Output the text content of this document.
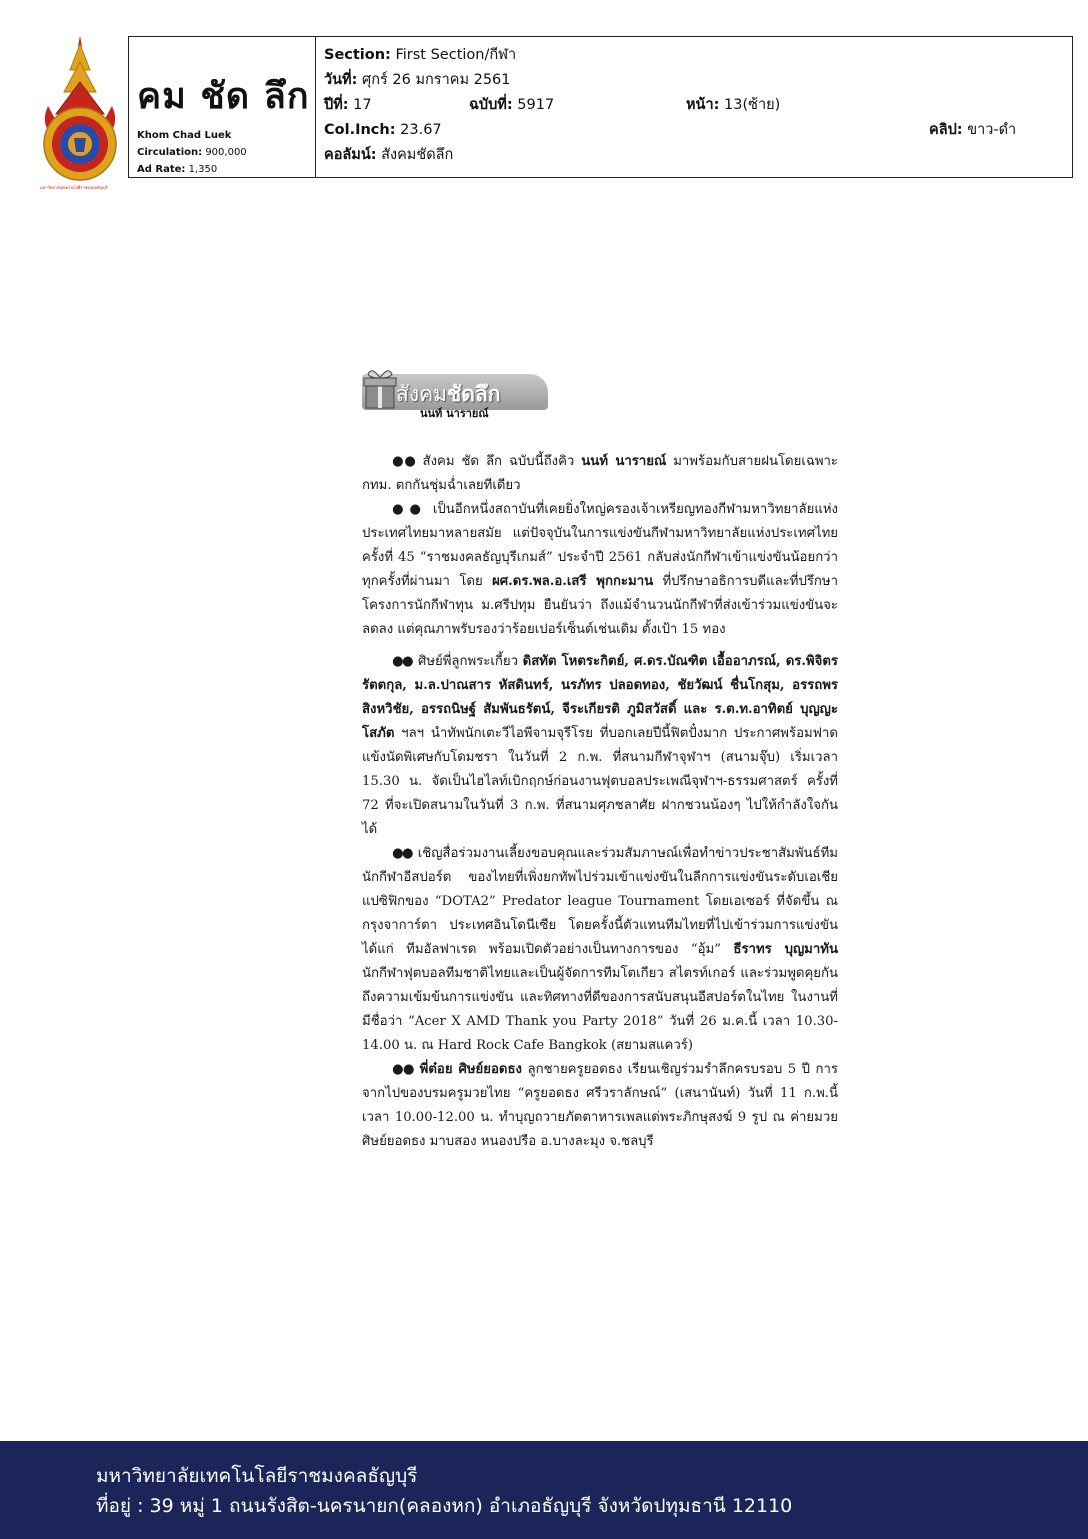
มหาวิทยาลัยเทคโนโลยีราชมงคลธัญบุรี
คม ชัด ลึก
Khom Chad Luek
Circulation: 900,000
Ad Rate: 1,350
Section: First Section/กีฬา
วันที่: ศุกร์ 26 มกราคม 2561
ปีที่: 17	ฉบับที่: 5917	หน้า: 13(ซ้าย)
Col.Inch: 23.67	คลิป: ขาว-ดำ
คอลัมน์: สังคมชัดลึก
สังคมชัดลึก
นนท์ นารายณ์

●● สังคม ชัด ลึก ฉบับนี้ถึงคิว นนท์ นารายณ์ มาพร้อมกับสายฝนโดยเฉพาะ กทม. ตกกันชุ่มฉ่ำเลยทีเดียว

●● เป็นอีกหนึ่งสถาบันที่เคยยิ่งใหญ่ครองเจ้าเหรียญทองกีฬามหาวิทยาลัยแห่งประเทศไทยมาหลายสมัย แต่ปัจจุบันในการแข่งขันกีฬามหาวิทยาลัยแห่งประเทศไทย ครั้งที่ 45 “ราชมงคลธัญบุรีเกมส์” ประจำปี 2561 กลับส่งนักกีฬาเข้าแข่งขันน้อยกว่าทุกครั้งที่ผ่านมา โดย ผศ.ดร.พล.อ.เสรี พุกกะมาน ที่ปรึกษาอธิการบดีและที่ปรึกษาโครงการนักกีฬาทุน ม.ศรีปทุม ยืนยันว่า ถึงแม้จำนวนนักกีฬาที่ส่งเข้าร่วมแข่งขันจะลดลง แต่คุณภาพรับรองว่าร้อยเปอร์เซ็นต์เช่นเดิม ตั้งเป้า 15 ทอง

●● ศิษย์พี่ลูกพระเกี้ยว ดิสทัต โหตระกิตย์, ศ.ดร.บัณฑิต เอื้ออาภรณ์, ดร.พิจิตร รัตตกุล, ม.ล.ปาณสาร หัสดินทร์, นรภัทร ปลอดทอง, ชัยวัฒน์ ชื่นโกสุม, อรรถพร สิงหวิชัย, อรรถนิษฐ์ สัมพันธรัตน์, จีระเกียรติ ภูมิสวัสดิ์ และ ร.ต.ท.อาทิตย์ บุญญะโสภัต ฯลฯ นำทัพนักเตะวีไอพีจามจุรีโรย ที่บอกเลยปีนี้ฟิตปั๋งมาก ประกาศพร้อมฟาดแข้งนัดพิเศษกับโดมชรา ในวันที่ 2 ก.พ. ที่สนามกีฬาจุฬาฯ (สนามจุ๊บ) เริ่มเวลา 15.30 น. จัดเป็นไฮไลท์เบิกฤกษ์ก่อนงานฟุตบอลประเพณีจุฬาฯ-ธรรมศาสตร์ ครั้งที่ 72 ที่จะเปิดสนามในวันที่ 3 ก.พ. ที่สนามศุภชลาศัย ฝากชวนน้องๆ ไปให้กำลังใจกันได้

●● เชิญสื่อร่วมงานเลี้ยงขอบคุณและร่วมสัมภาษณ์เพื่อทำข่าวประชาสัมพันธ์ทีมนักกีฬาอีสปอร์ต ของไทยที่เพิ่งยกทัพไปร่วมเข้าแข่งขันในลีกการแข่งขันระดับเอเชียแปซิฟิกของ “DOTA2” Predator league Tournament โดยเอเซอร์ ที่จัดขึ้น ณ กรุงจาการ์ตา ประเทศอินโดนีเซีย โดยครั้งนี้ตัวแทนทีมไทยที่ไปเข้าร่วมการแข่งขัน ได้แก่ ทีมอัลฟาเรด พร้อมเปิดตัวอย่างเป็นทางการของ “อุ้ม” ธีราทร บุญมาทัน นักกีฬาฟุตบอลทีมชาติไทยและเป็นผู้จัดการทีมโตเกียว สไตรท์เกอร์ และร่วมพูดคุยกันถึงความเข้มข้นการแข่งขัน และทิศทางที่ดีของการสนับสนุนอีสปอร์ตในไทย ในงานที่มีชื่อว่า “Acer X AMD Thank you Party 2018” วันที่ 26 ม.ค.นี้ เวลา 10.30-14.00 น. ณ Hard Rock Cafe Bangkok (สยามสแควร์)

●● พี่ต๋อย ศิษย์ยอดธง ลูกชายครูยอดธง เรียนเชิญร่วมรำลึกครบรอบ 5 ปี การจากไปของบรมครูมวยไทย “ครูยอดธง ศรีวราลักษณ์” (เสนานันท์) วันที่ 11 ก.พ.นี้ เวลา 10.00-12.00 น. ทำบุญถวายภัตตาหารเพลแด่พระภิกษุสงฆ์ 9 รูป ณ ค่ายมวยศิษย์ยอดธง มาบสอง หนองปรือ อ.บางละมุง จ.ชลบุรี

มหาวิทยาลัยเทคโนโลยีราชมงคลธัญบุรี
ที่อยู่ : 39 หมู่ 1 ถนนรังสิต-นครนายก(คลองหก) อำเภอธัญบุรี จังหวัดปทุมธานี 12110
